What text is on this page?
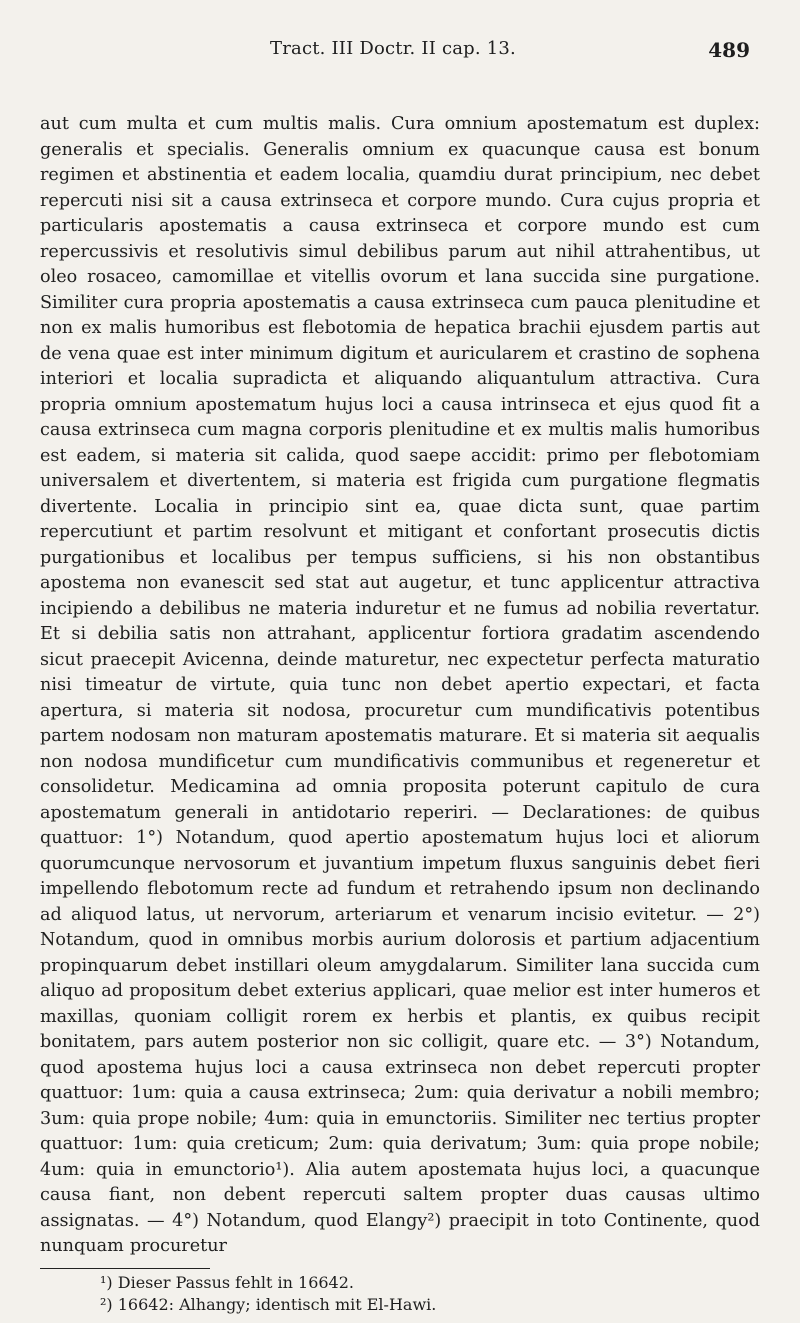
Tract. III Doctr. II cap. 13.	489

aut cum multa et cum multis malis. Cura omnium apostematum est duplex: generalis et specialis. Generalis omnium ex quacunque causa est bonum regimen et abstinentia et eadem localia, quamdiu durat principium, nec debet repercuti nisi sit a causa extrinseca et corpore mundo. Cura cujus propria et particularis apostematis a causa extrinseca et corpore mundo est cum repercussivis et resolutivis simul debilibus parum aut nihil attrahentibus, ut oleo rosaceo, camomillae et vitellis ovorum et lana succida sine purgatione. Similiter cura propria apostematis a causa extrinseca cum pauca plenitudine et non ex malis humoribus est flebotomia de hepatica brachii ejusdem partis aut de vena quae est inter minimum digitum et auricularem et crastino de sophena interiori et localia supradicta et aliquando aliquantulum attractiva. Cura propria omnium apostematum hujus loci a causa intrinseca et ejus quod fit a causa extrinseca cum magna corporis plenitudine et ex multis malis humoribus est eadem, si materia sit calida, quod saepe accidit: primo per flebotomiam universalem et divertentem, si materia est frigida cum purgatione flegmatis divertente. Localia in principio sint ea, quae dicta sunt, quae partim repercutiunt et partim resolvunt et mitigant et confortant prosecutis dictis purgationibus et localibus per tempus sufficiens, si his non obstantibus apostema non evanescit sed stat aut augetur, et tunc applicentur attractiva incipiendo a debilibus ne materia induretur et ne fumus ad nobilia revertatur. Et si debilia satis non attrahant, applicentur fortiora gradatim ascendendo sicut praecepit Avicenna, deinde maturetur, nec expectetur perfecta maturatio nisi timeatur de virtute, quia tunc non debet apertio expectari, et facta apertura, si materia sit nodosa, procuretur cum mundificativis potentibus partem nodosam non maturam apostematis maturare. Et si materia sit aequalis non nodosa mundificetur cum mundificativis communibus et regeneretur et consolidetur. Medicamina ad omnia proposita poterunt capitulo de cura apostematum generali in antidotario reperiri. — Declarationes: de quibus quattuor: 1°) Notandum, quod apertio apostematum hujus loci et aliorum quorumcunque nervosorum et juvantium impetum fluxus sanguinis debet fieri impellendo flebotomum recte ad fundum et retrahendo ipsum non declinando ad aliquod latus, ut nervorum, arteriarum et venarum incisio evitetur. — 2°) Notandum, quod in omnibus morbis aurium dolorosis et partium adjacentium propinquarum debet instillari oleum amygdalarum. Similiter lana succida cum aliquo ad propositum debet exterius applicari, quae melior est inter humeros et maxillas, quoniam colligit rorem ex herbis et plantis, ex quibus recipit bonitatem, pars autem posterior non sic colligit, quare etc. — 3°) Notandum, quod apostema hujus loci a causa extrinseca non debet repercuti propter quattuor: 1um: quia a causa extrinseca; 2um: quia derivatur a nobili membro; 3um: quia prope nobile; 4um: quia in emunctoriis. Similiter nec tertius propter quattuor: 1um: quia creticum; 2um: quia derivatum; 3um: quia prope nobile; 4um: quia in emunctorio¹). Alia autem apostemata hujus loci, a quacunque causa fiant, non debent repercuti saltem propter duas causas ultimo assignatas. — 4°) Notandum, quod Elangy²) praecipit in toto Continente, quod nunquam procuretur

¹) Dieser Passus fehlt in 16642.

²) 16642: Alhangy; identisch mit El-Hawi.
